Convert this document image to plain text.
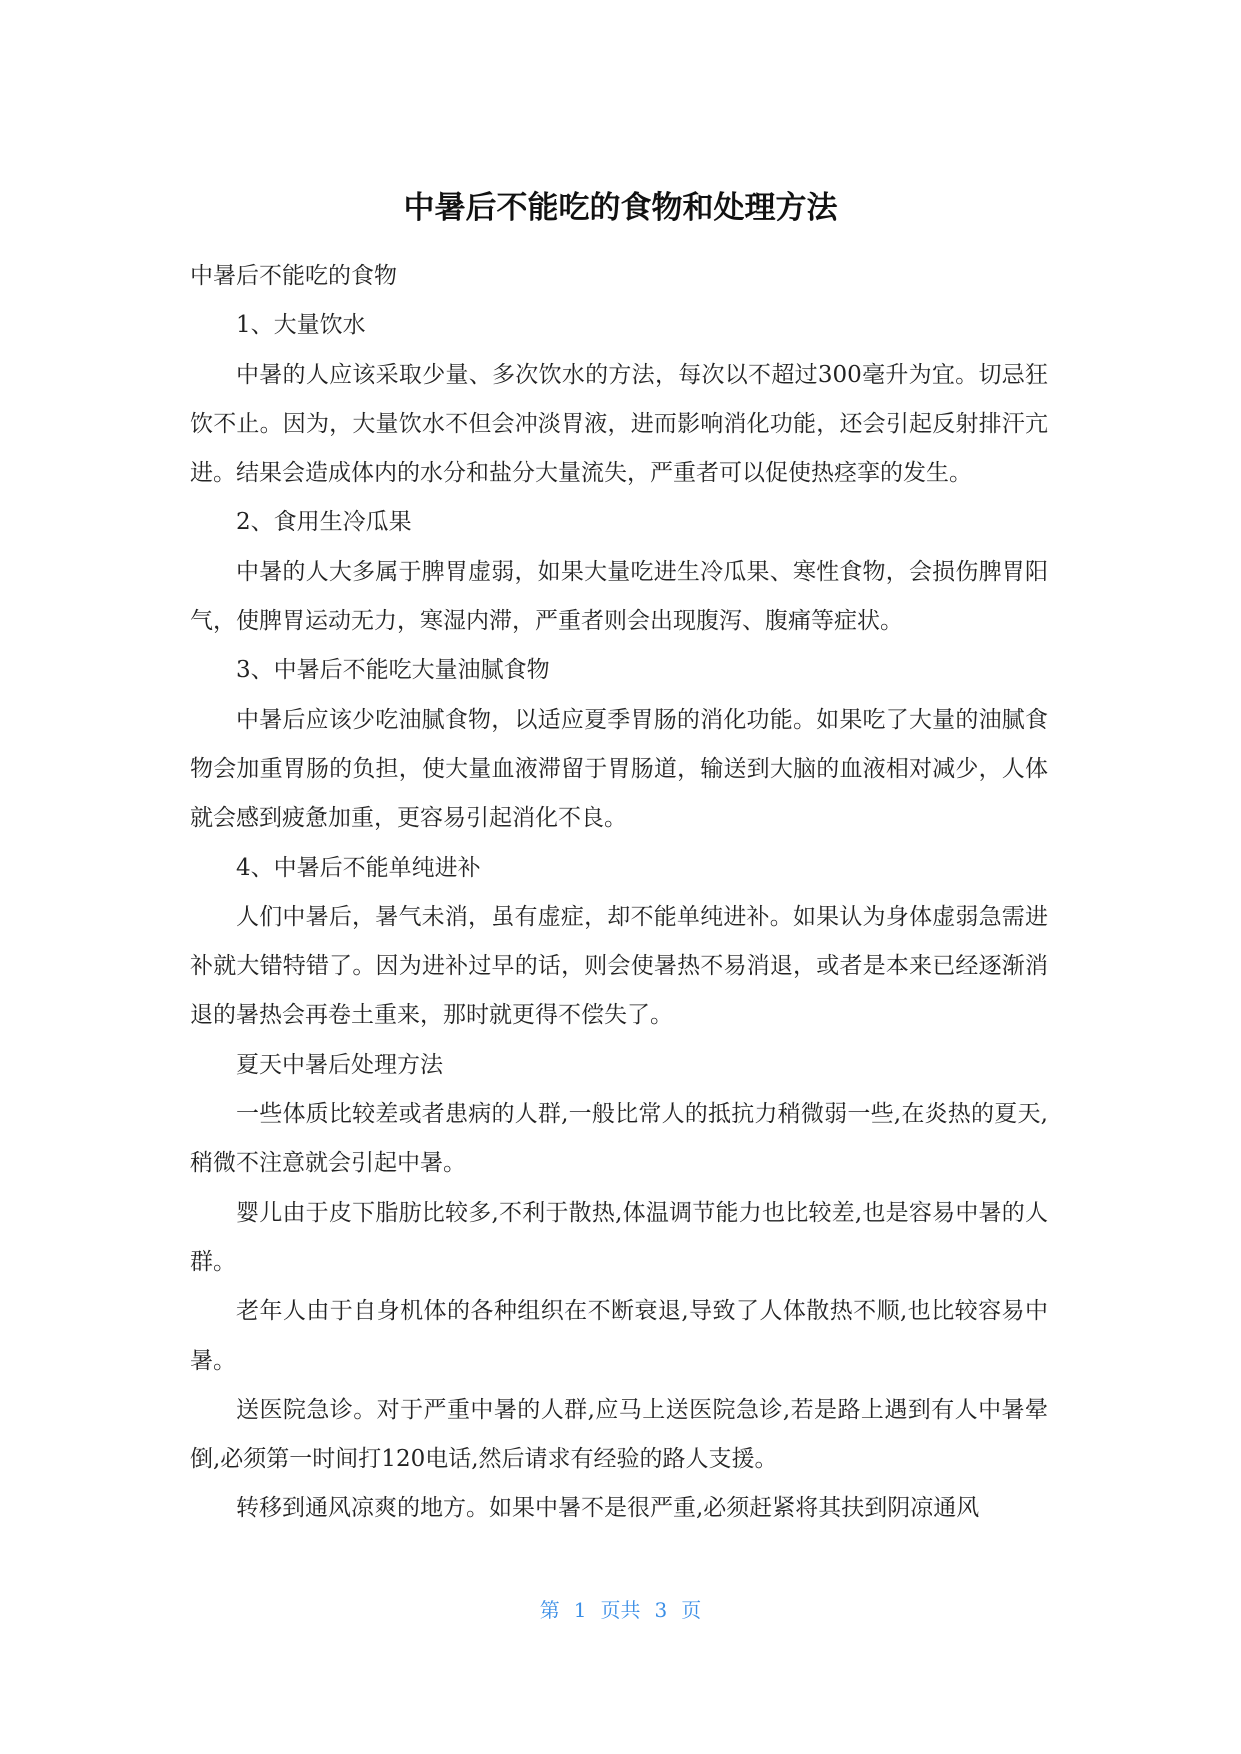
中暑后不能吃的食物和处理方法

中暑后不能吃的食物

1、大量饮水

中暑的人应该采取少量、多次饮水的方法，每次以不超过300毫升为宜。切忌狂饮不止。因为，大量饮水不但会冲淡胃液，进而影响消化功能，还会引起反射排汗亢进。结果会造成体内的水分和盐分大量流失，严重者可以促使热痉挛的发生。

2、食用生冷瓜果

中暑的人大多属于脾胃虚弱，如果大量吃进生冷瓜果、寒性食物，会损伤脾胃阳气，使脾胃运动无力，寒湿内滞，严重者则会出现腹泻、腹痛等症状。

3、中暑后不能吃大量油腻食物

中暑后应该少吃油腻食物，以适应夏季胃肠的消化功能。如果吃了大量的油腻食物会加重胃肠的负担，使大量血液滞留于胃肠道，输送到大脑的血液相对减少，人体就会感到疲惫加重，更容易引起消化不良。

4、中暑后不能单纯进补

人们中暑后，暑气未消，虽有虚症，却不能单纯进补。如果认为身体虚弱急需进补就大错特错了。因为进补过早的话，则会使暑热不易消退，或者是本来已经逐渐消退的暑热会再卷土重来，那时就更得不偿失了。

夏天中暑后处理方法

一些体质比较差或者患病的人群,一般比常人的抵抗力稍微弱一些,在炎热的夏天,稍微不注意就会引起中暑。

婴儿由于皮下脂肪比较多,不利于散热,体温调节能力也比较差,也是容易中暑的人群。

老年人由于自身机体的各种组织在不断衰退,导致了人体散热不顺,也比较容易中暑。

送医院急诊。对于严重中暑的人群,应马上送医院急诊,若是路上遇到有人中暑晕倒,必须第一时间打120电话,然后请求有经验的路人支援。

转移到通风凉爽的地方。如果中暑不是很严重,必须赶紧将其扶到阴凉通风

第 1 页共 3 页
